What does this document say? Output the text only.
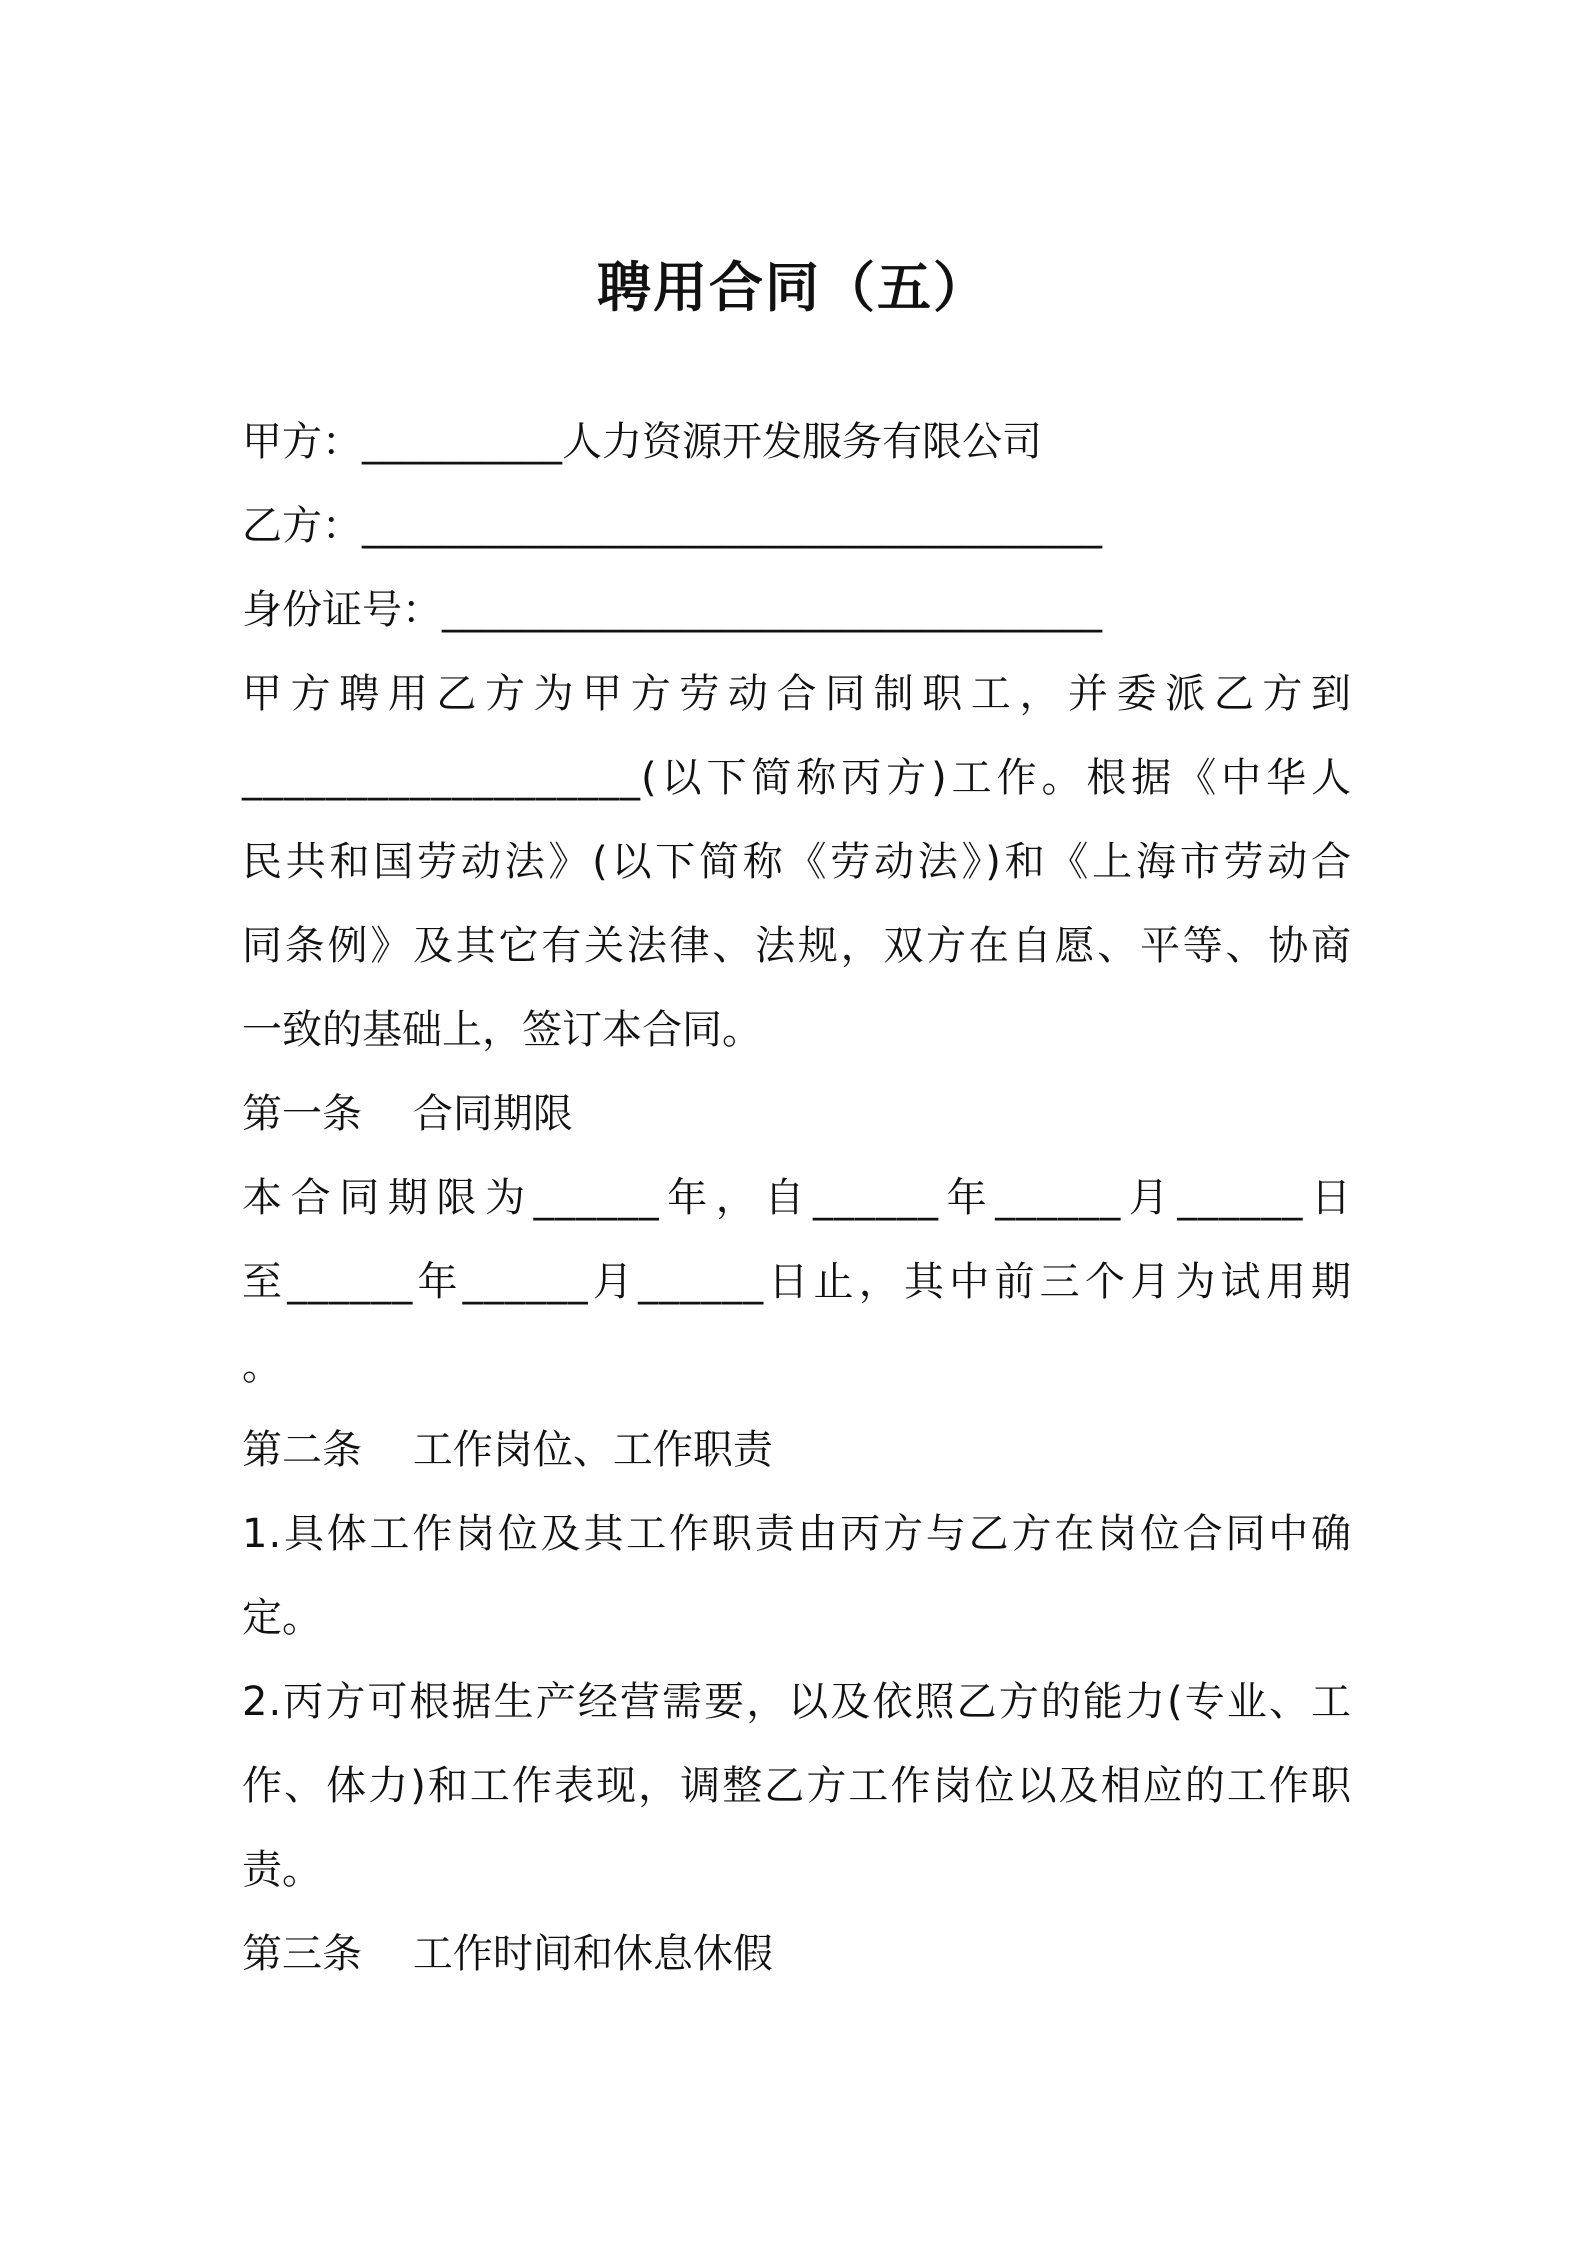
聘用合同（五）
甲方：__________人力资源开发服务有限公司
乙方：_____________________________________
身份证号：_________________________________
甲方聘用乙方为甲方劳动合同制职工，并委派乙方到
___________________(以下简称丙方)工作。根据《中华人
民共和国劳动法》(以下简称《劳动法》)和《上海市劳动合
同条例》及其它有关法律、法规，双方在自愿、平等、协商
一致的基础上，签订本合同。
第一条    合同期限
本合同期限为______年，自______年______月______日
至______年______月______日止，其中前三个月为试用期
。
第二条    工作岗位、工作职责
1.具体工作岗位及其工作职责由丙方与乙方在岗位合同中确
定。
2.丙方可根据生产经营需要，以及依照乙方的能力(专业、工
作、体力)和工作表现，调整乙方工作岗位以及相应的工作职
责。
第三条    工作时间和休息休假
